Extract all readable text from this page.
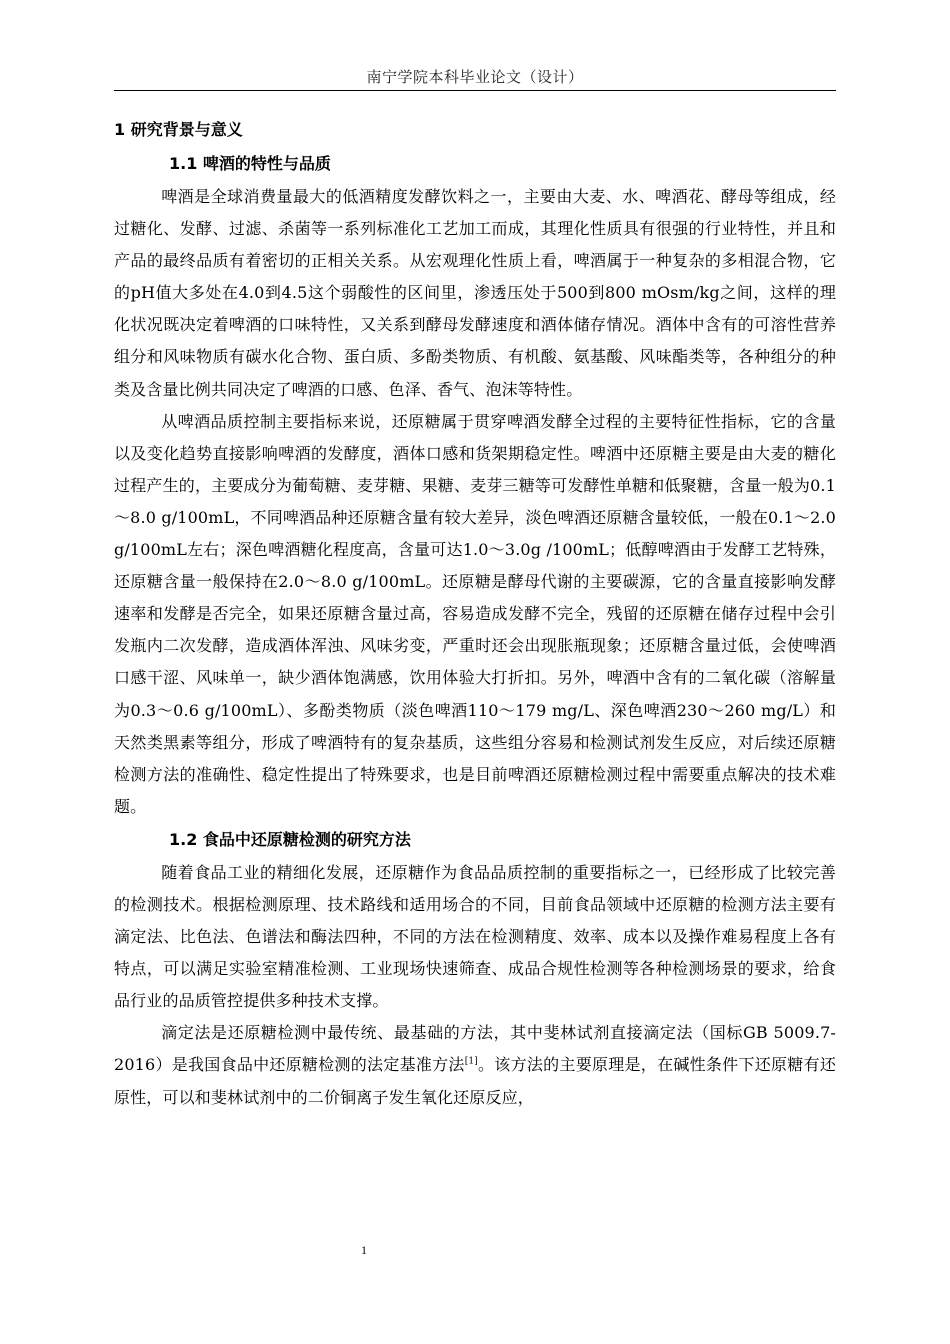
南宁学院本科毕业论文（设计）

1 研究背景与意义

1.1 啤酒的特性与品质

啤酒是全球消费量最大的低酒精度发酵饮料之一，主要由大麦、水、啤酒花、酵母等组成，经过糖化、发酵、过滤、杀菌等一系列标准化工艺加工而成，其理化性质具有很强的行业特性，并且和产品的最终品质有着密切的正相关关系。从宏观理化性质上看，啤酒属于一种复杂的多相混合物，它的pH值大多处在4.0到4.5这个弱酸性的区间里，渗透压处于500到800 mOsm/kg之间，这样的理化状况既决定着啤酒的口味特性，又关系到酵母发酵速度和酒体储存情况。酒体中含有的可溶性营养组分和风味物质有碳水化合物、蛋白质、多酚类物质、有机酸、氨基酸、风味酯类等，各种组分的种类及含量比例共同决定了啤酒的口感、色泽、香气、泡沫等特性。

从啤酒品质控制主要指标来说，还原糖属于贯穿啤酒发酵全过程的主要特征性指标，它的含量以及变化趋势直接影响啤酒的发酵度，酒体口感和货架期稳定性。啤酒中还原糖主要是由大麦的糖化过程产生的，主要成分为葡萄糖、麦芽糖、果糖、麦芽三糖等可发酵性单糖和低聚糖，含量一般为0.1～8.0 g/100mL，不同啤酒品种还原糖含量有较大差异，淡色啤酒还原糖含量较低，一般在0.1～2.0 g/100mL左右；深色啤酒糖化程度高，含量可达1.0～3.0g /100mL；低醇啤酒由于发酵工艺特殊，还原糖含量一般保持在2.0～8.0 g/100mL。还原糖是酵母代谢的主要碳源，它的含量直接影响发酵速率和发酵是否完全，如果还原糖含量过高，容易造成发酵不完全，残留的还原糖在储存过程中会引发瓶内二次发酵，造成酒体浑浊、风味劣变，严重时还会出现胀瓶现象；还原糖含量过低，会使啤酒口感干涩、风味单一，缺少酒体饱满感，饮用体验大打折扣。另外，啤酒中含有的二氧化碳（溶解量为0.3～0.6 g/100mL）、多酚类物质（淡色啤酒110～179 mg/L、深色啤酒230～260 mg/L）和天然类黑素等组分，形成了啤酒特有的复杂基质，这些组分容易和检测试剂发生反应，对后续还原糖检测方法的准确性、稳定性提出了特殊要求，也是目前啤酒还原糖检测过程中需要重点解决的技术难题。

1.2 食品中还原糖检测的研究方法

随着食品工业的精细化发展，还原糖作为食品品质控制的重要指标之一，已经形成了比较完善的检测技术。根据检测原理、技术路线和适用场合的不同，目前食品领域中还原糖的检测方法主要有滴定法、比色法、色谱法和酶法四种，不同的方法在检测精度、效率、成本以及操作难易程度上各有特点，可以满足实验室精准检测、工业现场快速筛查、成品合规性检测等各种检测场景的要求，给食品行业的品质管控提供多种技术支撑。

滴定法是还原糖检测中最传统、最基础的方法，其中斐林试剂直接滴定法（国标GB 5009.7-2016）是我国食品中还原糖检测的法定基准方法[1]。该方法的主要原理是，在碱性条件下还原糖有还原性，可以和斐林试剂中的二价铜离子发生氧化还原反应，

1
